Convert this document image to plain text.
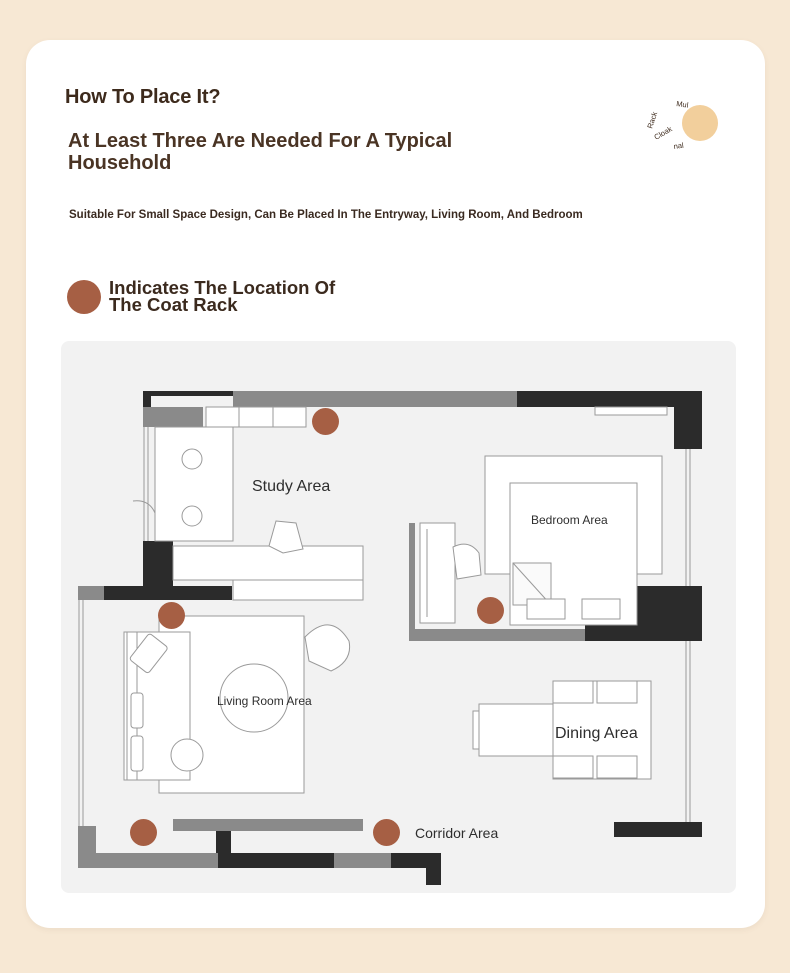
How To Place It?
At Least Three Are Needed For A Typical Household
Suitable For Small Space Design, Can Be Placed In The Entryway, Living Room, And Bedroom
Indicates The Location Of The Coat Rack
Mul
Rack
Cloak
nal
Study Area
Bedroom Area
Living Room Area
Dining Area
Corridor Area
